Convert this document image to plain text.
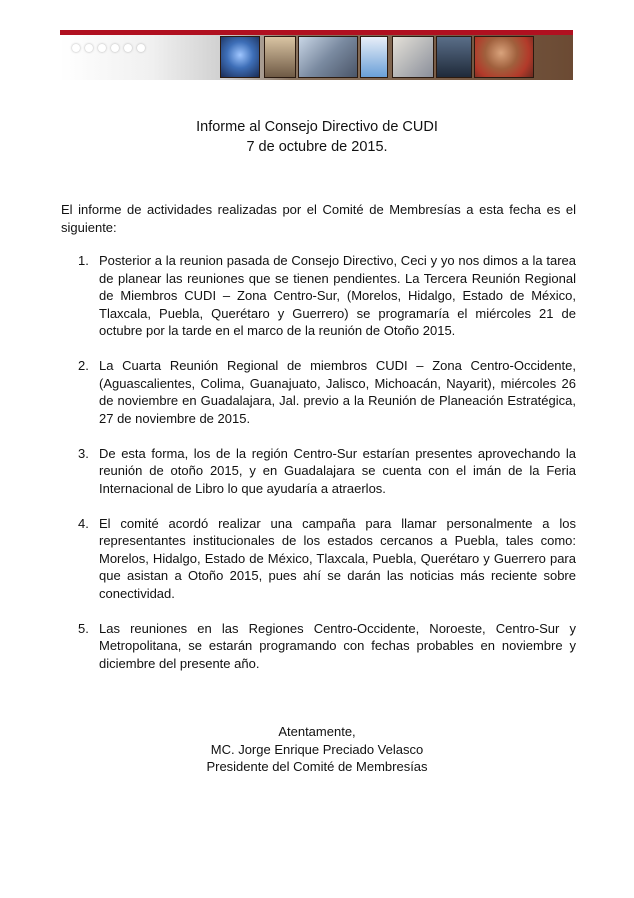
Informe al Consejo Directivo de CUDI
7 de octubre de 2015.
El informe de actividades realizadas por el Comité de Membresías a esta fecha es el siguiente:
1. Posterior a la reunion pasada de Consejo Directivo, Ceci y yo nos dimos a la tarea de planear las reuniones que se tienen pendientes. La Tercera Reunión Regional de Miembros CUDI – Zona Centro-Sur, (Morelos, Hidalgo, Estado de México, Tlaxcala, Puebla, Querétaro y Guerrero) se programaría el miércoles 21 de octubre por la tarde en el marco de la reunión de Otoño 2015.
2. La Cuarta Reunión Regional de miembros CUDI – Zona Centro-Occidente, (Aguascalientes, Colima, Guanajuato, Jalisco, Michoacán, Nayarit), miércoles 26 de noviembre en Guadalajara, Jal. previo a la Reunión de Planeación Estratégica, 27 de noviembre de 2015.
3. De esta forma, los de la región Centro-Sur estarían presentes aprovechando la reunión de otoño 2015, y en Guadalajara se cuenta con el imán de la Feria Internacional de Libro lo que ayudaría a atraerlos.
4. El comité acordó realizar una campaña para llamar personalmente a los representantes institucionales de los estados cercanos a Puebla, tales como: Morelos, Hidalgo, Estado de México, Tlaxcala, Puebla, Querétaro y Guerrero para que asistan a Otoño 2015, pues ahí se darán las noticias más reciente sobre conectividad.
5. Las reuniones en las Regiones Centro-Occidente, Noroeste, Centro-Sur y Metropolitana, se estarán programando con fechas probables en noviembre y diciembre del presente año.
Atentamente,
MC. Jorge Enrique Preciado Velasco
Presidente del Comité de Membresías
